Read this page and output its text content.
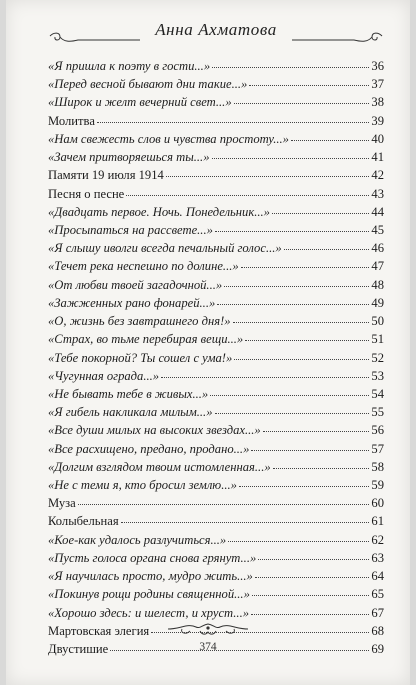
Анна Ахматова
«Я пришла к поэту в гости...»	36
«Перед весной бывают дни такие...»	37
«Широк и желт вечерний свет...»	38
Молитва	39
«Нам свежесть слов и чувства простоту...»	40
«Зачем притворяешься ты...»	41
Памяти 19 июля 1914	42
Песня о песне	43
«Двадцать первое. Ночь. Понедельник...»	44
«Просыпаться на рассвете...»	45
«Я слышу иволги всегда печальный голос...»	46
«Течет река неспешно по долине...»	47
«От любви твоей загадочной...»	48
«Зажженных рано фонарей...»	49
«О, жизнь без завтрашнего дня!»	50
«Страх, во тьме перебирая вещи...»	51
«Тебе покорной? Ты сошел с ума!»	52
«Чугунная ограда...»	53
«Не бывать тебе в живых...»	54
«Я гибель накликала милым...»	55
«Все души милых на высоких звездах...»	56
«Все расхищено, предано, продано...»	57
«Долгим взглядом твоим истомленная...»	58
«Не с теми я, кто бросил землю...»	59
Муза	60
Колыбельная	61
«Кое-как удалось разлучиться...»	62
«Пусть голоса органа снова грянут...»	63
«Я научилась просто, мудро жить...»	64
«Покинув рощи родины священной...»	65
«Хорошо здесь: и шелест, и хруст...»	67
Мартовская элегия	68
Двустишие	69
374
